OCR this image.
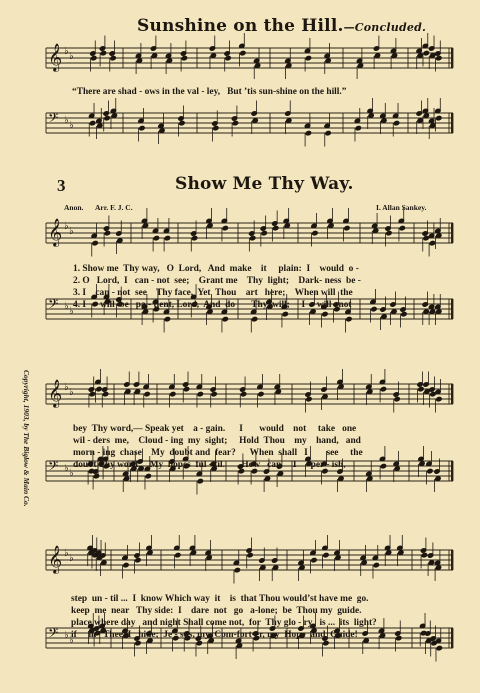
𝄞 ♭ ♭
𝄢 ♭ ♭
𝄞 ♭ ♭
𝄢 ♭ ♭
𝄞 ♭ ♭
𝄢 ♭ ♭
𝄞 ♭ ♭
𝄢 ♭ ♭
Sunshine on the Hill.—Concluded.
“There are shad - ows in the val - ley,   But ’tis sun-shine on the hill.”
3	Show Me Thy Way.
Anon. Arr. F. J. C.	I. Allan Sankey.
1. Show me  Thy way,   O  Lord,   And  make    it     plain:  I    would  o -
2. O   Lord,  I   can - not  see;    Grant me    Thy  light;    Dark- ness  be -
3. I    can - not  see    Thy face,  Yet  Thou    art   here;    When will  the
4. I      will  be   pa - tient, Lord,  And  do       Thy  will;     I     will   not
bey  Thy word,— Speak yet    a - gain.      I       would    not     take   one
wil - ders  me,    Cloud - ing  my  sight;     Hold  Thou    my    hand,   and
morn - ing  chase    My  doubt and  fear?      When  shall   I        see     the
doubt Thy word,    My  hopes  ful - fil.       How   can     I      per - ish,
step  un - til ...  I  know Which way  it    is  that Thou would’st have me  go.
keep  me  near   Thy side:  I    dare  not   go   a-lone;  be  Thou my  guide.
place where day   and night Shall come not,  for  Thy glo - ry   is ...  its  light?
if     in   Thee  I   hide;  Je - sus, my  Com-fort-er, my  Hope  and  Guide!
Copyright, 1903, by The Biglow & Main Co.
